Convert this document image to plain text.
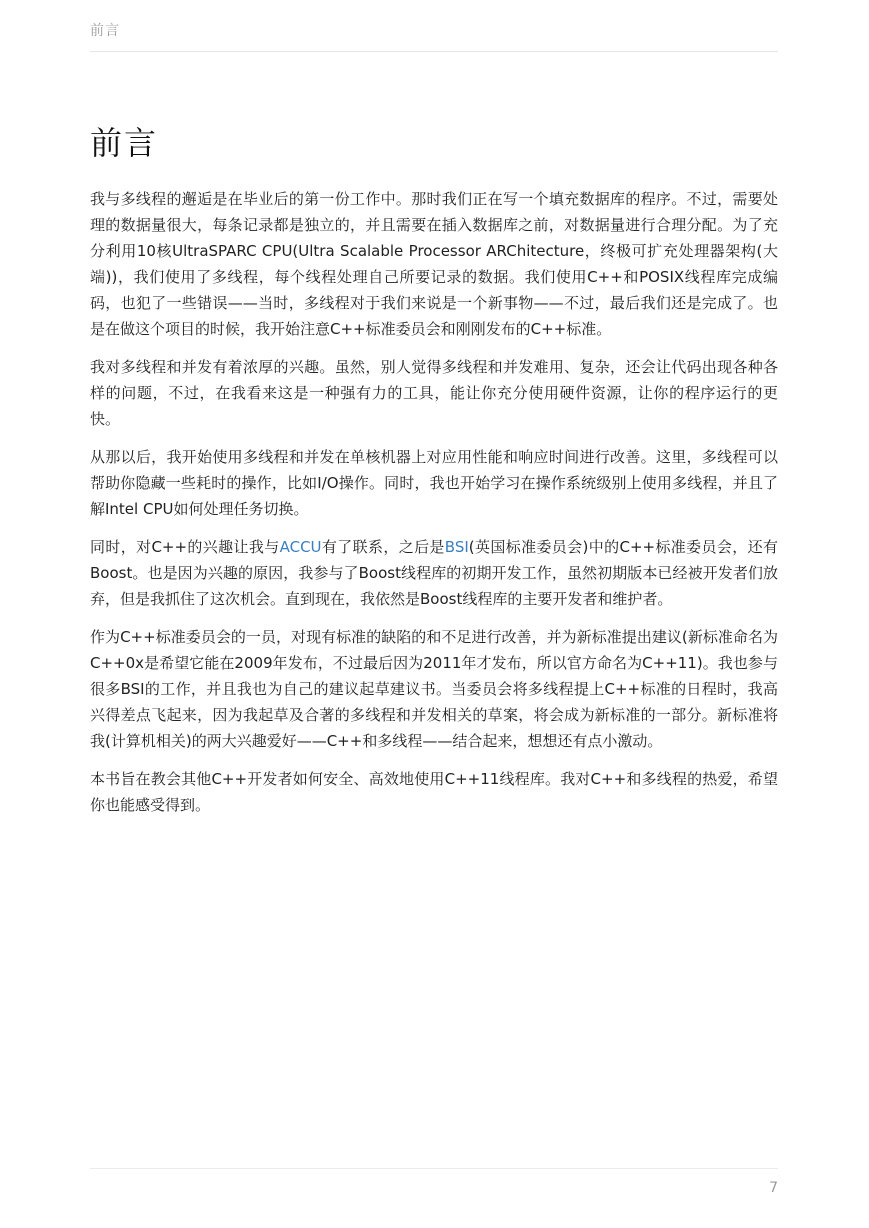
前言
前言

我与多线程的邂逅是在毕业后的第一份工作中。那时我们正在写一个填充数据库的程序。不过，需要处理的数据量很大，每条记录都是独立的，并且需要在插入数据库之前，对数据量进行合理分配。为了充分利用10核UltraSPARC CPU(Ultra Scalable Processor ARChitecture，终极可扩充处理器架构(大端))，我们使用了多线程，每个线程处理自己所要记录的数据。我们使用C++和POSIX线程库完成编码，也犯了一些错误——当时，多线程对于我们来说是一个新事物——不过，最后我们还是完成了。也是在做这个项目的时候，我开始注意C++标准委员会和刚刚发布的C++标准。

我对多线程和并发有着浓厚的兴趣。虽然，别人觉得多线程和并发难用、复杂，还会让代码出现各种各样的问题，不过，在我看来这是一种强有力的工具，能让你充分使用硬件资源，让你的程序运行的更快。

从那以后，我开始使用多线程和并发在单核机器上对应用性能和响应时间进行改善。这里，多线程可以帮助你隐藏一些耗时的操作，比如I/O操作。同时，我也开始学习在操作系统级别上使用多线程，并且了解Intel CPU如何处理任务切换。

同时，对C++的兴趣让我与ACCU有了联系，之后是BSI(英国标准委员会)中的C++标准委员会，还有Boost。也是因为兴趣的原因，我参与了Boost线程库的初期开发工作，虽然初期版本已经被开发者们放弃，但是我抓住了这次机会。直到现在，我依然是Boost线程库的主要开发者和维护者。

作为C++标准委员会的一员，对现有标准的缺陷的和不足进行改善，并为新标准提出建议(新标准命名为C++0x是希望它能在2009年发布，不过最后因为2011年才发布，所以官方命名为C++11)。我也参与很多BSI的工作，并且我也为自己的建议起草建议书。当委员会将多线程提上C++标准的日程时，我高兴得差点飞起来，因为我起草及合著的多线程和并发相关的草案，将会成为新标准的一部分。新标准将我(计算机相关)的两大兴趣爱好——C++和多线程——结合起来，想想还有点小激动。

本书旨在教会其他C++开发者如何安全、高效地使用C++11线程库。我对C++和多线程的热爱，希望你也能感受得到。

7
